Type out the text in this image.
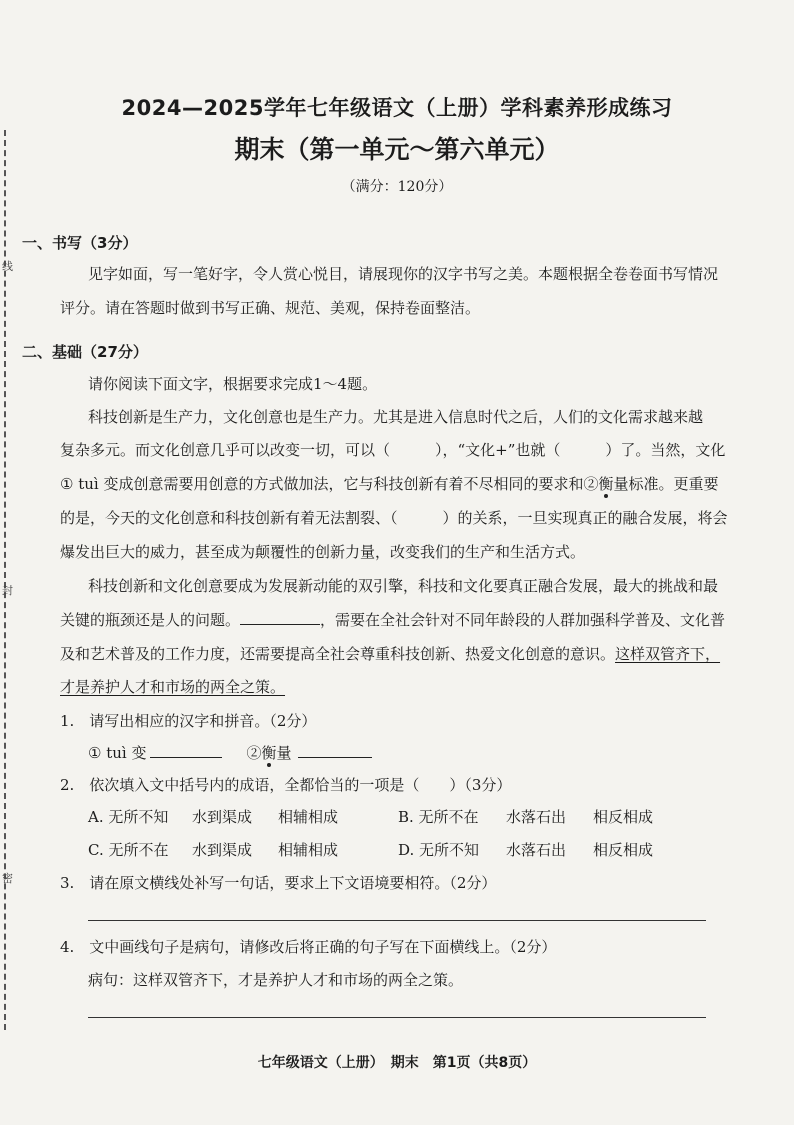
线
封
密
2024—2025学年七年级语文（上册）学科素养形成练习
期末（第一单元～第六单元）
（满分：120分）
一、书写（3分）
见字如面，写一笔好字，令人赏心悦目，请展现你的汉字书写之美。本题根据全卷卷面书写情况
评分。请在答题时做到书写正确、规范、美观，保持卷面整洁。
二、基础（27分）
请你阅读下面文字，根据要求完成1～4题。
科技创新是生产力，文化创意也是生产力。尤其是进入信息时代之后，人们的文化需求越来越
复杂多元。而文化创意几乎可以改变一切，可以（　　　），“文化+”也就（　　　）了。当然，文化
① tuì 变成创意需要用创意的方式做加法，它与科技创新有着不尽相同的要求和②衡量标准。更重要
的是，今天的文化创意和科技创新有着无法割裂、（　　　）的关系，一旦实现真正的融合发展，将会
爆发出巨大的威力，甚至成为颠覆性的创新力量，改变我们的生产和生活方式。
科技创新和文化创意要成为发展新动能的双引擎，科技和文化要真正融合发展，最大的挑战和最
关键的瓶颈还是人的问题。	，需要在全社会针对不同年龄段的人群加强科学普及、文化普
及和艺术普及的工作力度，还需要提高全社会尊重科技创新、热爱文化创意的意识。这样双管齐下，
才是养护人才和市场的两全之策。
1.　请写出相应的汉字和拼音。（2分）
① tuì 变	②衡量
2.　依次填入文中括号内的成语，全都恰当的一项是（　　）（3分）
A. 无所不知 水到渠成 相辅相成	B. 无所不在 水落石出 相反相成
C. 无所不在 水到渠成 相辅相成	D. 无所不知 水落石出 相反相成
3.　请在原文横线处补写一句话，要求上下文语境要相符。（2分）
4.　文中画线句子是病句，请修改后将正确的句子写在下面横线上。（2分）
病句：这样双管齐下，才是养护人才和市场的两全之策。
七年级语文（上册）　期末　第1页（共8页）
